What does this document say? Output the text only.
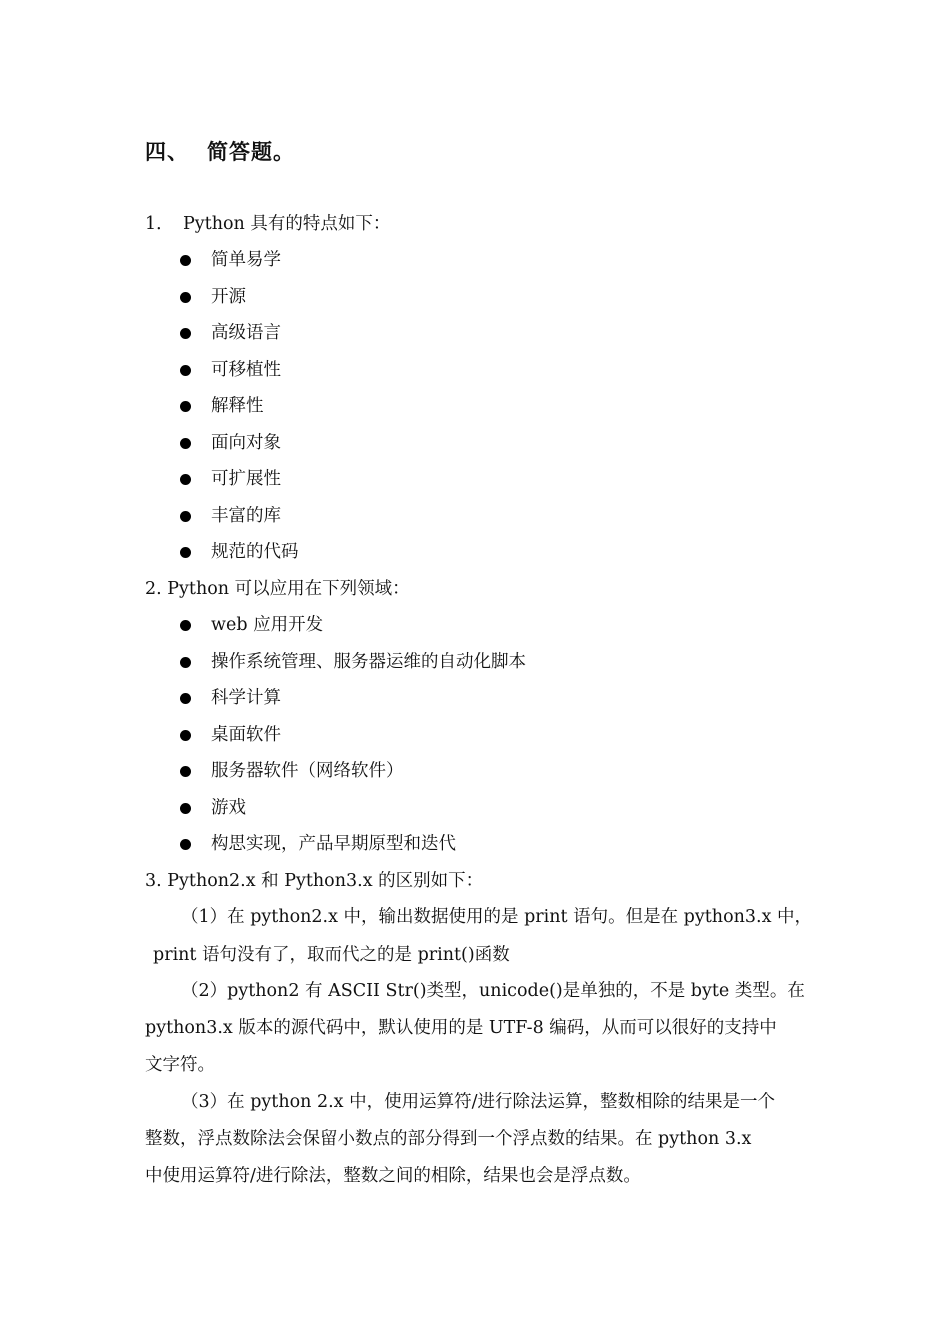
四、 简答题。
1． Python 具有的特点如下：
简单易学
开源
高级语言
可移植性
解释性
面向对象
可扩展性
丰富的库
规范的代码
2. Python 可以应用在下列领域：
web 应用开发
操作系统管理、服务器运维的自动化脚本
科学计算
桌面软件
服务器软件（网络软件）
游戏
构思实现，产品早期原型和迭代
3. Python2.x 和 Python3.x 的区别如下：
（1）在 python2.x 中，输出数据使用的是 print 语句。但是在 python3.x 中，
print 语句没有了，取而代之的是 print()函数
（2）python2 有 ASCII Str()类型，unicode()是单独的，不是 byte 类型。在
python3.x 版本的源代码中，默认使用的是 UTF-8 编码，从而可以很好的支持中
文字符。
（3）在 python 2.x 中，使用运算符/进行除法运算，整数相除的结果是一个
整数，浮点数除法会保留小数点的部分得到一个浮点数的结果。在 python 3.x
中使用运算符/进行除法，整数之间的相除，结果也会是浮点数。
